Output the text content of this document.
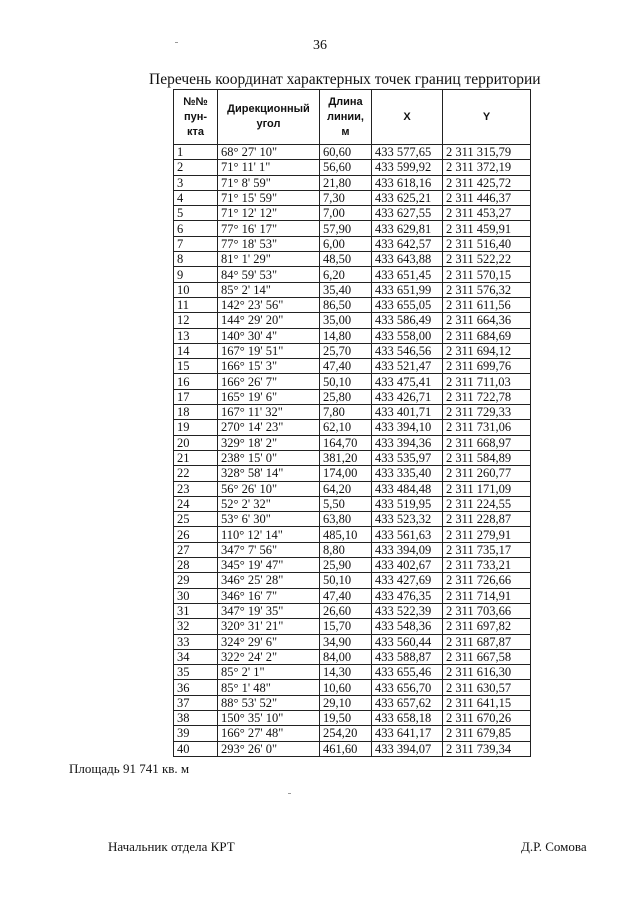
36
Перечень координат характерных точек границ территории
№№ пун- кта	Дирекционный угол	Длина линии, м	X	Y
1	68° 27' 10"	60,60	433 577,65	2 311 315,79
2	71° 11' 1"	56,60	433 599,92	2 311 372,19
3	71° 8' 59"	21,80	433 618,16	2 311 425,72
4	71° 15' 59"	7,30	433 625,21	2 311 446,37
5	71° 12' 12"	7,00	433 627,55	2 311 453,27
6	77° 16' 17"	57,90	433 629,81	2 311 459,91
7	77° 18' 53"	6,00	433 642,57	2 311 516,40
8	81° 1' 29"	48,50	433 643,88	2 311 522,22
9	84° 59' 53"	6,20	433 651,45	2 311 570,15
10	85° 2' 14"	35,40	433 651,99	2 311 576,32
11	142° 23' 56"	86,50	433 655,05	2 311 611,56
12	144° 29' 20"	35,00	433 586,49	2 311 664,36
13	140° 30' 4"	14,80	433 558,00	2 311 684,69
14	167° 19' 51"	25,70	433 546,56	2 311 694,12
15	166° 15' 3"	47,40	433 521,47	2 311 699,76
16	166° 26' 7"	50,10	433 475,41	2 311 711,03
17	165° 19' 6"	25,80	433 426,71	2 311 722,78
18	167° 11' 32"	7,80	433 401,71	2 311 729,33
19	270° 14' 23"	62,10	433 394,10	2 311 731,06
20	329° 18' 2"	164,70	433 394,36	2 311 668,97
21	238° 15' 0"	381,20	433 535,97	2 311 584,89
22	328° 58' 14"	174,00	433 335,40	2 311 260,77
23	56° 26' 10"	64,20	433 484,48	2 311 171,09
24	52° 2' 32"	5,50	433 519,95	2 311 224,55
25	53° 6' 30"	63,80	433 523,32	2 311 228,87
26	110° 12' 14"	485,10	433 561,63	2 311 279,91
27	347° 7' 56"	8,80	433 394,09	2 311 735,17
28	345° 19' 47"	25,90	433 402,67	2 311 733,21
29	346° 25' 28"	50,10	433 427,69	2 311 726,66
30	346° 16' 7"	47,40	433 476,35	2 311 714,91
31	347° 19' 35"	26,60	433 522,39	2 311 703,66
32	320° 31' 21"	15,70	433 548,36	2 311 697,82
33	324° 29' 6"	34,90	433 560,44	2 311 687,87
34	322° 24' 2"	84,00	433 588,87	2 311 667,58
35	85° 2' 1"	14,30	433 655,46	2 311 616,30
36	85° 1' 48"	10,60	433 656,70	2 311 630,57
37	88° 53' 52"	29,10	433 657,62	2 311 641,15
38	150° 35' 10"	19,50	433 658,18	2 311 670,26
39	166° 27' 48"	254,20	433 641,17	2 311 679,85
40	293° 26' 0"	461,60	433 394,07	2 311 739,34
Площадь 91 741 кв. м
Начальник отдела КРТ	Д.Р. Сомова
